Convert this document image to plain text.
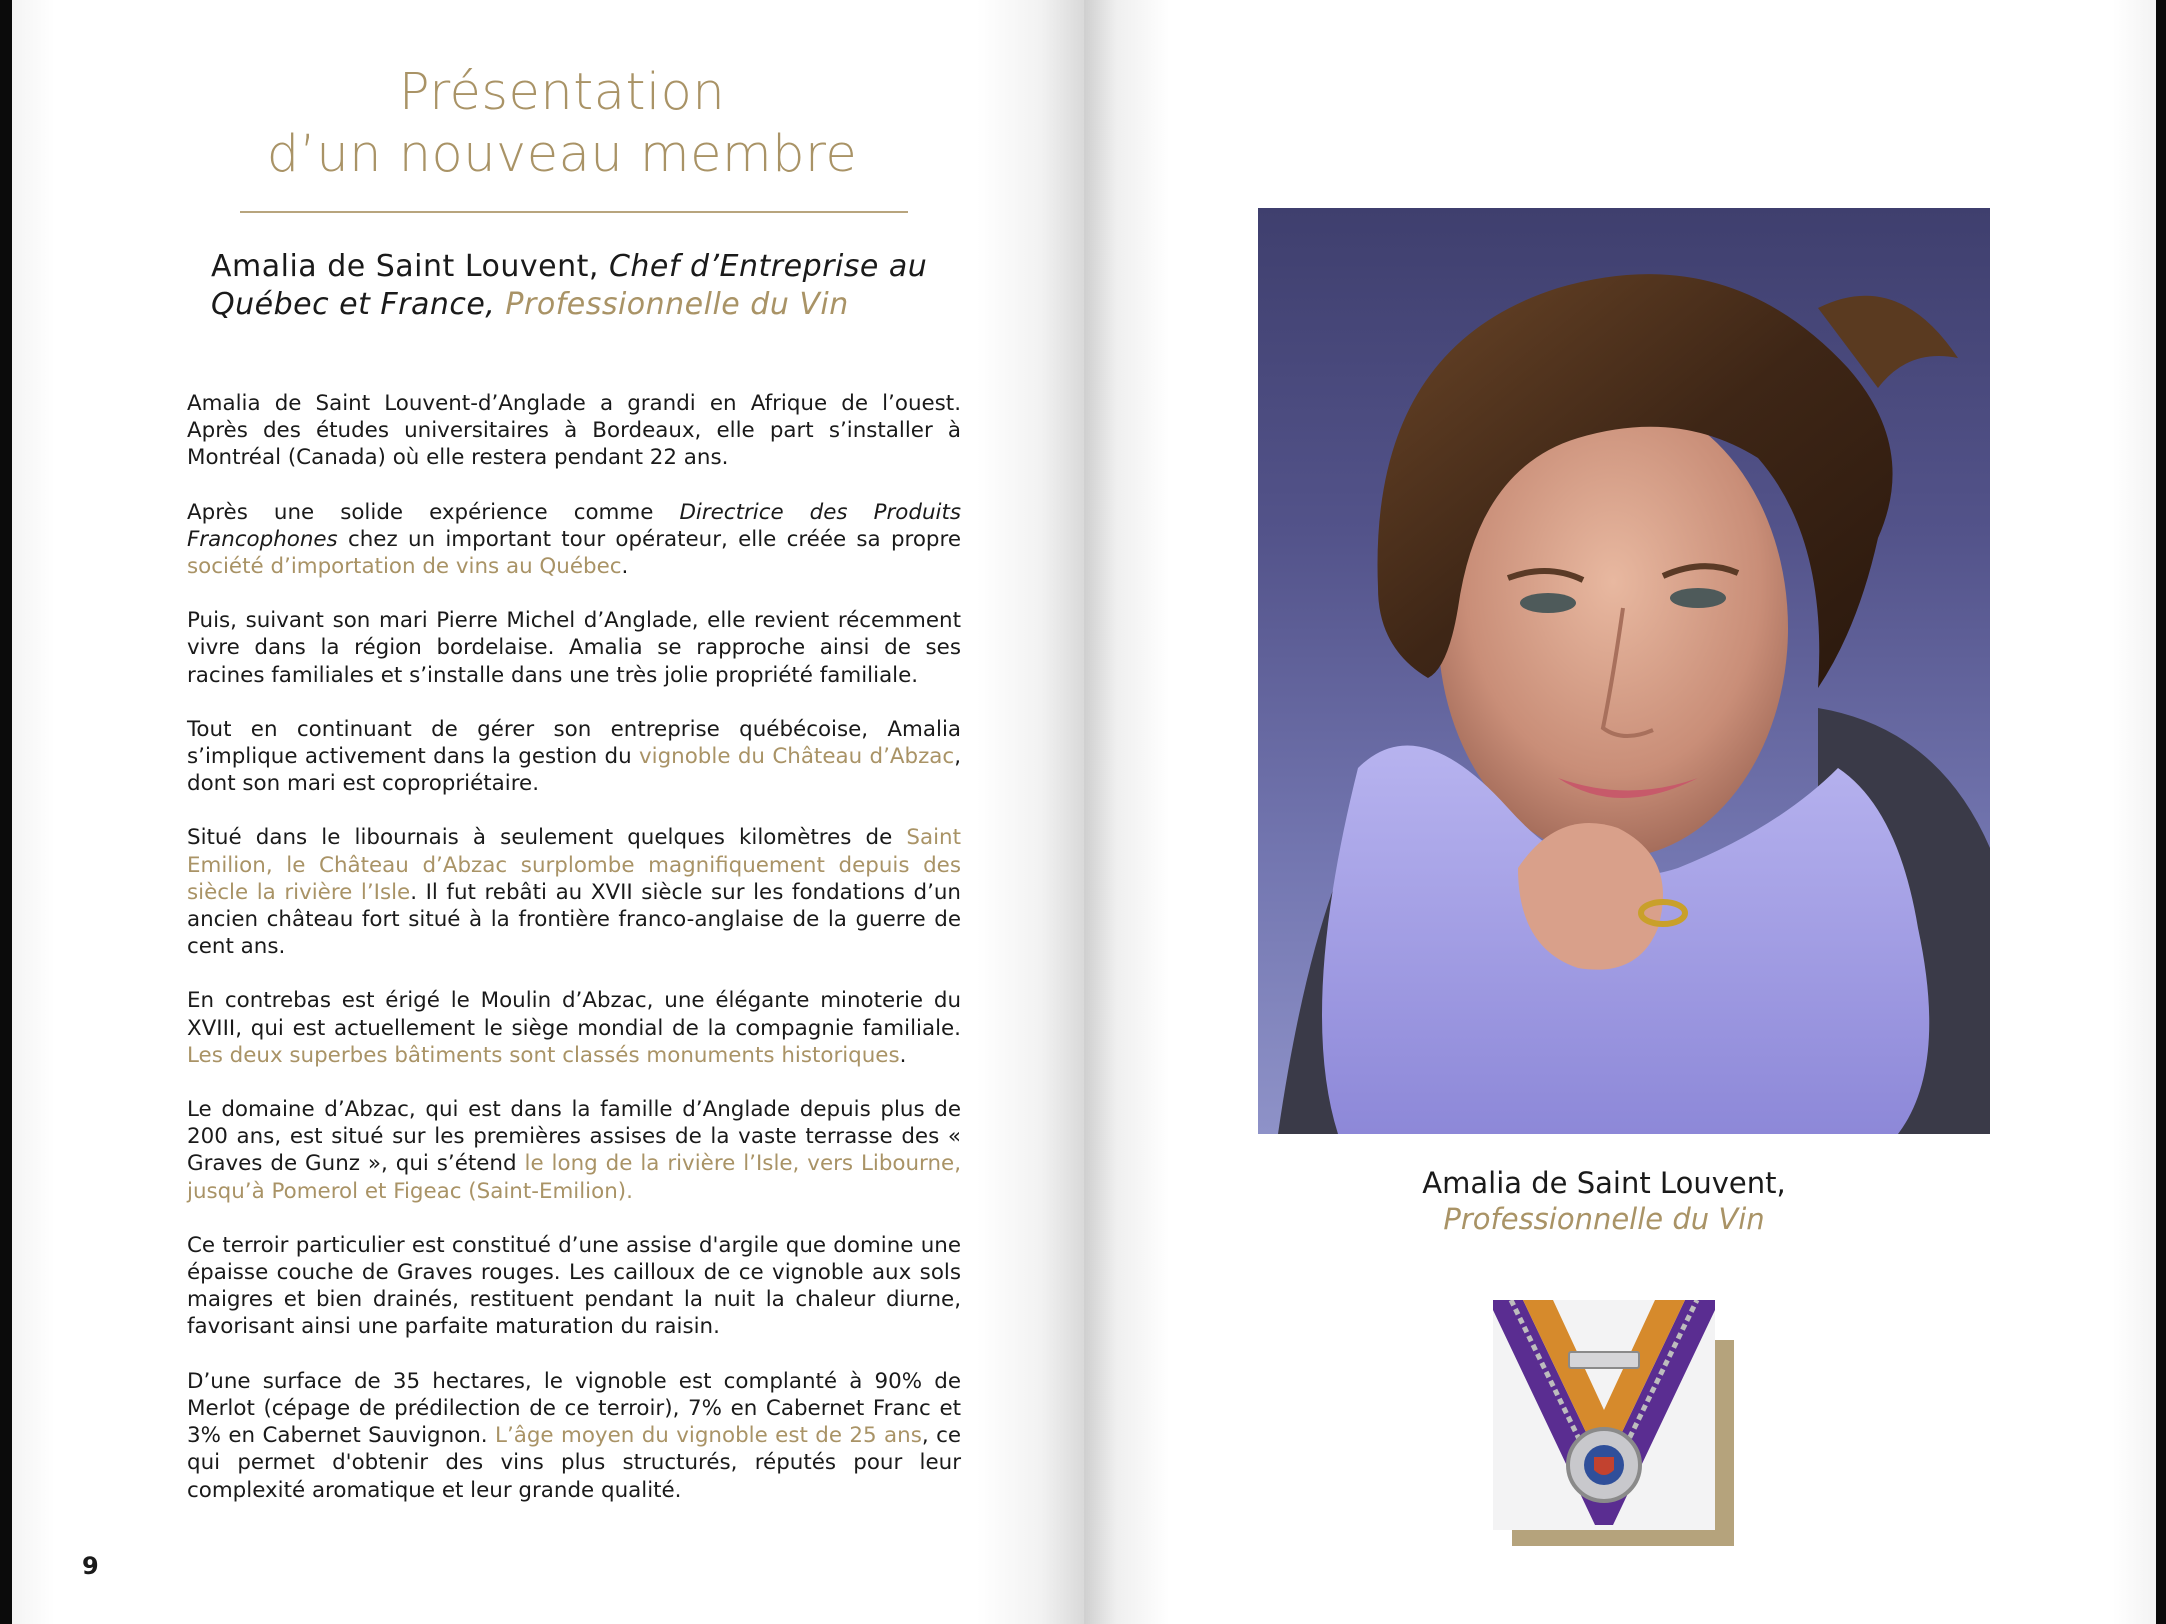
Présentation
d’un nouveau membre
Amalia de Saint Louvent, Chef d’Entreprise au Québec et France, Professionnelle du Vin

Amalia de Saint Louvent-d’Anglade a grandi en Afrique de l’ouest. Après des études universitaires à Bordeaux, elle part s’installer à Montréal (Canada) où elle restera pendant 22 ans.

Après une solide expérience comme Directrice des Produits Francophones chez un important tour opérateur, elle créée sa propre société d’importation de vins au Québec.

Puis, suivant son mari Pierre Michel d’Anglade, elle revient récemment vivre dans la région bordelaise. Amalia se rapproche ainsi de ses racines familiales et s’installe dans une très jolie propriété familiale.

Tout en continuant de gérer son entreprise québécoise, Amalia s’implique activement dans la gestion du vignoble du Château d’Abzac, dont son mari est copropriétaire.

Situé dans le libournais à seulement quelques kilomètres de Saint Emilion, le Château d’Abzac surplombe magnifiquement depuis des siècle la rivière l’Isle. Il fut rebâti au XVII siècle sur les fondations d’un ancien château fort situé à la frontière franco-anglaise de la guerre de cent ans.

En contrebas est érigé le Moulin d’Abzac, une élégante minoterie du XVIII, qui est actuellement le siège mondial de la compagnie familiale. Les deux superbes bâtiments sont classés monuments historiques.

Le domaine d’Abzac, qui est dans la famille d’Anglade depuis plus de 200 ans, est situé sur les premières assises de la vaste terrasse des « Graves de Gunz », qui s’étend le long de la rivière l’Isle, vers Libourne, jusqu’à Pomerol et Figeac (Saint-Emilion).

Ce terroir particulier est constitué d’une assise d'argile que domine une épaisse couche de Graves rouges. Les cailloux de ce vignoble aux sols maigres et bien drainés, restituent pendant la nuit la chaleur diurne, favorisant ainsi une parfaite maturation du raisin.

D’une surface de 35 hectares, le vignoble est complanté à 90% de Merlot (cépage de prédilection de ce terroir), 7% en Cabernet Franc et 3% en Cabernet Sauvignon. L’âge moyen du vignoble est de 25 ans, ce qui permet d'obtenir des vins plus structurés, réputés pour leur complexité aromatique et leur grande qualité.

9
Amalia de Saint Louvent,
Professionnelle du Vin
